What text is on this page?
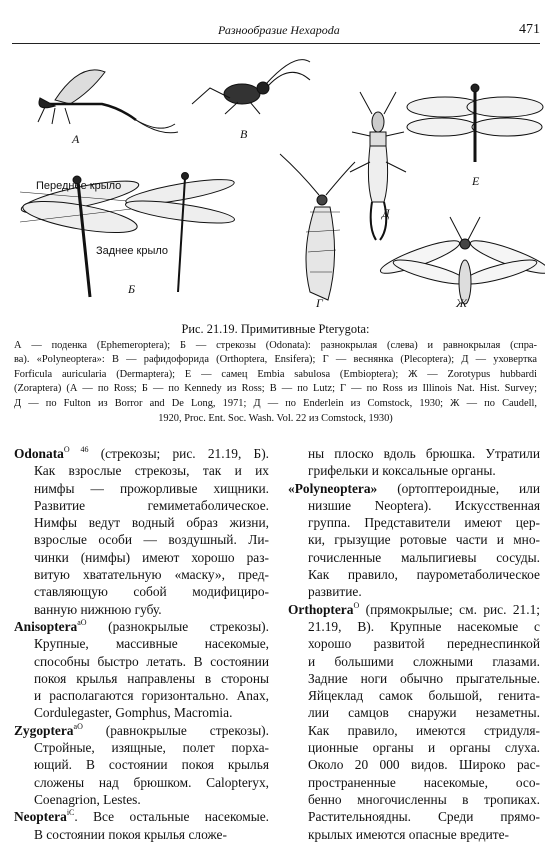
Разнообразие Hexapoda	471
А	В
Е
Д
Б
Г	Ж
Переднее крыло
Заднее крыло
Рис. 21.19. Примитивные Pterygota:
А — поденка (Ephemeroptera); Б — стрекозы (Odonata): разнокрылая (слева) и равнокрылая (спра-
ва). «Polyneoptera»: В — рафидофорида (Orthoptera, Ensifera); Г — веснянка (Plecoptera); Д — уховертка
Forficula auricularia (Dermaptera); Е — самец Embia sabulosa (Embioptera); Ж — Zorotypus hubbardi
(Zoraptera) (А — по Ross; Б — по Kennedy из Ross; В — по Lutz; Г — по Ross из Illinois Nat. Hist. Survey;
Д — по Fulton из Borror and De Long, 1971; Д — по Enderlein из Comstock, 1930; Ж — по Caudell,
1920, Proc. Ent. Soc. Wash. Vol. 22 из Comstock, 1930)
Odonata$^{O 46}$ (стрекозы; рис. 21.19, Б).
Как взрослые стрекозы, так и их
нимфы — прожорливые хищники.
Развитие гемиметаболическое.
Нимфы ведут водный образ жизни,
взрослые особи — воздушный. Ли-
чинки (нимфы) имеют хорошо раз-
витую хватательную «маску», пред-
ставляющую собой модифициро-
ванную нижнюю губу.
Anisoptera$^{аO}$ (разнокрылые стрекозы).
Крупные, массивные насекомые,
способны быстро летать. В состоянии
покоя крылья направлены в стороны
и располагаются горизонтально. Anax,
Cordulegaster, Gomphus, Macromia.
Zygoptera$^{аO}$ (равнокрылые стрекозы).
Стройные, изящные, полет порха-
ющий. В состоянии покоя крылья
сложены над брюшком. Calopteryx,
Coenagrion, Lestes.
Neoptera$^{iC}$. Все остальные насекомые.
В состоянии покоя крылья сложе-
ны плоско вдоль брюшка. Утратили
грифельки и коксальные органы.
«Polyneoptera» (ортоптероидные, или
низшие Neoptera). Искусственная
группа. Представители имеют цер-
ки, грызущие ротовые части и мно-
гочисленные мальпигиевы сосуды.
Как правило, паурометаболическое
развитие.
Orthoptera$^O$ (прямокрылые; см. рис. 21.1;
21.19, В). Крупные насекомые с
хорошо развитой переднеспинкой
и большими сложными глазами.
Задние ноги обычно прыгательные.
Яйцеклад самок большой, генита-
лии самцов снаружи незаметны.
Как правило, имеются стридуля-
ционные органы и органы слуха.
Около 20 000 видов. Широко рас-
пространенные насекомые, осо-
бенно многочисленны в тропиках.
Растительноядны. Среди прямо-
крылых имеются опасные вредите-
